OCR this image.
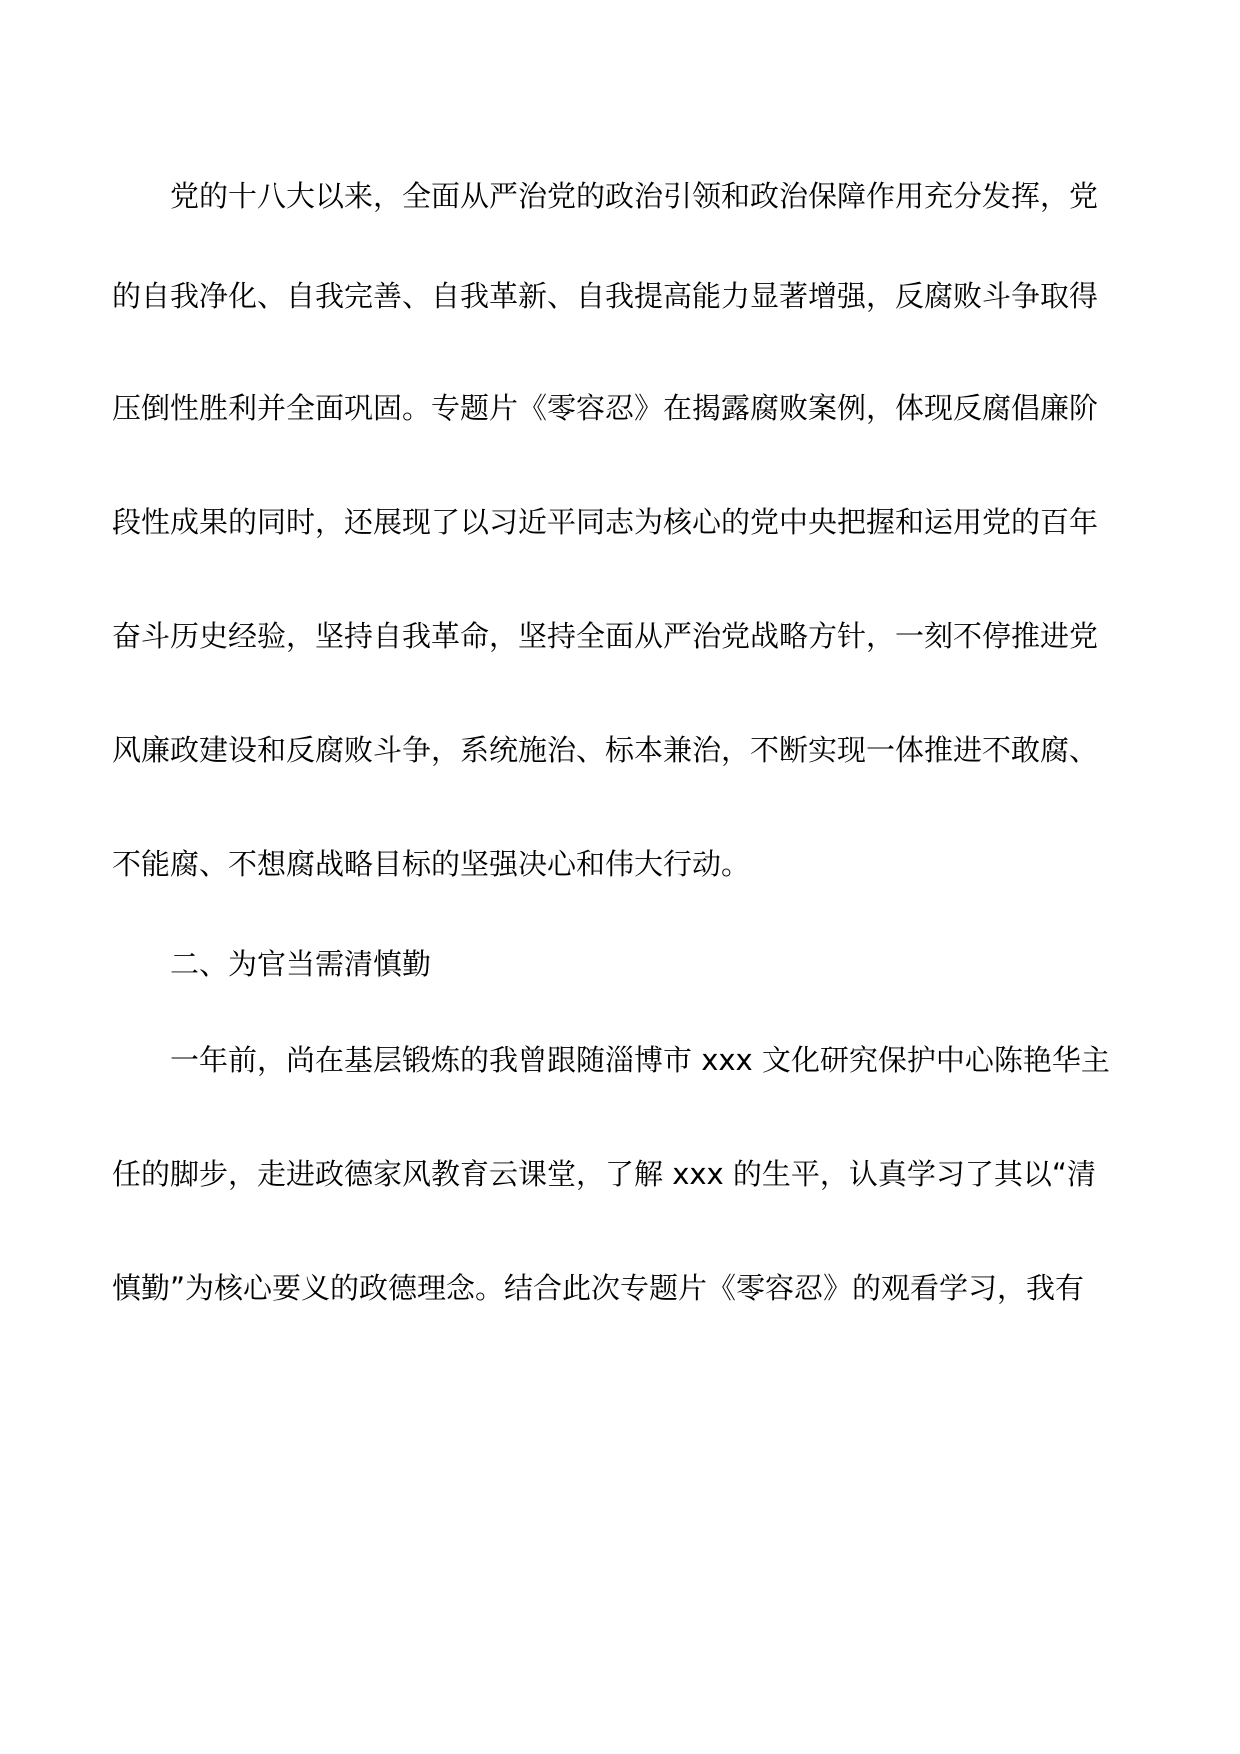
党的十八大以来，全面从严治党的政治引领和政治保障作用充分发挥，党
的自我净化、自我完善、自我革新、自我提高能力显著增强，反腐败斗争取得
压倒性胜利并全面巩固。专题片《零容忍》在揭露腐败案例，体现反腐倡廉阶
段性成果的同时，还展现了以习近平同志为核心的党中央把握和运用党的百年
奋斗历史经验，坚持自我革命，坚持全面从严治党战略方针，一刻不停推进党
风廉政建设和反腐败斗争，系统施治、标本兼治，不断实现一体推进不敢腐、
不能腐、不想腐战略目标的坚强决心和伟大行动。
二、为官当需清慎勤
一年前，尚在基层锻炼的我曾跟随淄博市 xxx 文化研究保护中心陈艳华主
任的脚步，走进政德家风教育云课堂，了解 xxx 的生平，认真学习了其以“清
慎勤”为核心要义的政德理念。结合此次专题片《零容忍》的观看学习，我有
